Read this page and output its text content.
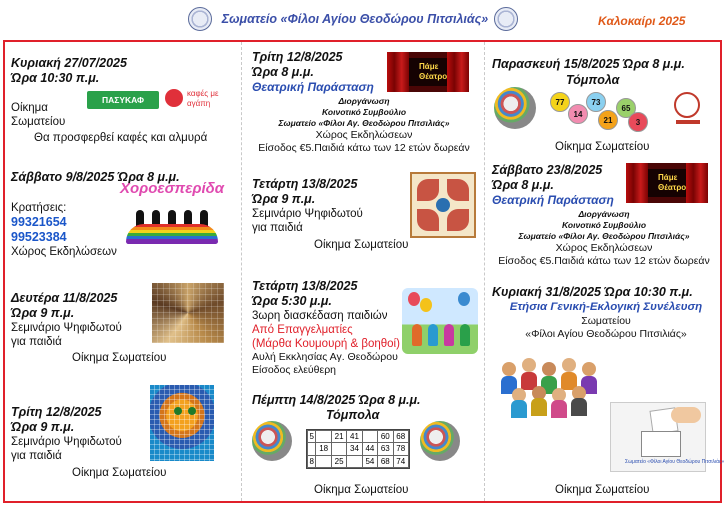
Σωματείο «Φίλοι Αγίου Θεοδώρου Πιτσιλιάς»	Καλοκαίρι 2025
Κυριακή 27/07/2025
Ώρα 10:30 π.μ.
Οίκημα
Σωματείου
ΠΑΣΥΚΑΦ
καφές με αγάπη
Θα προσφερθεί καφές και αλμυρά
Σάββατο 9/8/2025 Ώρα 8 μ.μ.
Κρατήσεις:
99321654
99523384
Χώρος Εκδηλώσεων
Χοροεσπερίδα
Δευτέρα 11/8/2025
Ώρα 9 π.μ.
Σεμινάριο Ψηφιδωτού
για παιδιά
Οίκημα Σωματείου
Τρίτη 12/8/2025
Ώρα 9 π.μ.
Σεμινάριο Ψηφιδωτού
για παιδιά
Οίκημα Σωματείου
Τρίτη 12/8/2025
Ώρα 8 μ.μ.
Θεατρική Παράσταση
Πάμε Θέατρο
Διοργάνωση
Κοινοτικό Συμβούλιο
Σωματείο «Φίλοι Αγ. Θεοδώρου Πιτσιλιάς»
Χώρος Εκδηλώσεων
Είσοδος €5.Παιδιά κάτω των 12 ετών δωρεάν
Τετάρτη 13/8/2025
Ώρα 9 π.μ.
Σεμινάριο Ψηφιδωτού
για παιδιά
Οίκημα Σωματείου
Τετάρτη 13/8/2025
Ώρα 5:30 μ.μ.
3ωρη διασκέδαση παιδιών
Από Επαγγελματίες
(Μάρθα Κουμουρή & βοηθοί)
Αυλή Εκκλησίας Αγ. Θεοδώρου
Είσοδος ελεύθερη
Πέμπτη 14/8/2025 Ώρα 8 μ.μ.
Τόμπολα
5		21	41		60	68
	18		34	44	63	78
8		25		54	68	74
Οίκημα Σωματείου
Παρασκευή 15/8/2025 Ώρα 8 μ.μ.
Τόμπολα
77
14
73
21
65
3
Οίκημα Σωματείου
Σάββατο 23/8/2025
Ώρα 8 μ.μ.
Θεατρική Παράσταση
Πάμε Θέατρο
Διοργάνωση
Κοινοτικό Συμβούλιο
Σωματείο «Φίλοι Αγ. Θεοδώρου Πιτσιλιάς»
Χώρος Εκδηλώσεων
Είσοδος €5.Παιδιά κάτω των 12 ετών δωρεάν
Κυριακή 31/8/2025 Ώρα 10:30 π.μ.
Ετήσια Γενική-Εκλογική Συνέλευση
Σωματείου
«Φίλοι Αγίου Θεοδώρου Πιτσιλιάς»
Σωματείο «Φίλοι Αγίου Θεοδώρου Πιτσιλιάς»
Οίκημα Σωματείου
